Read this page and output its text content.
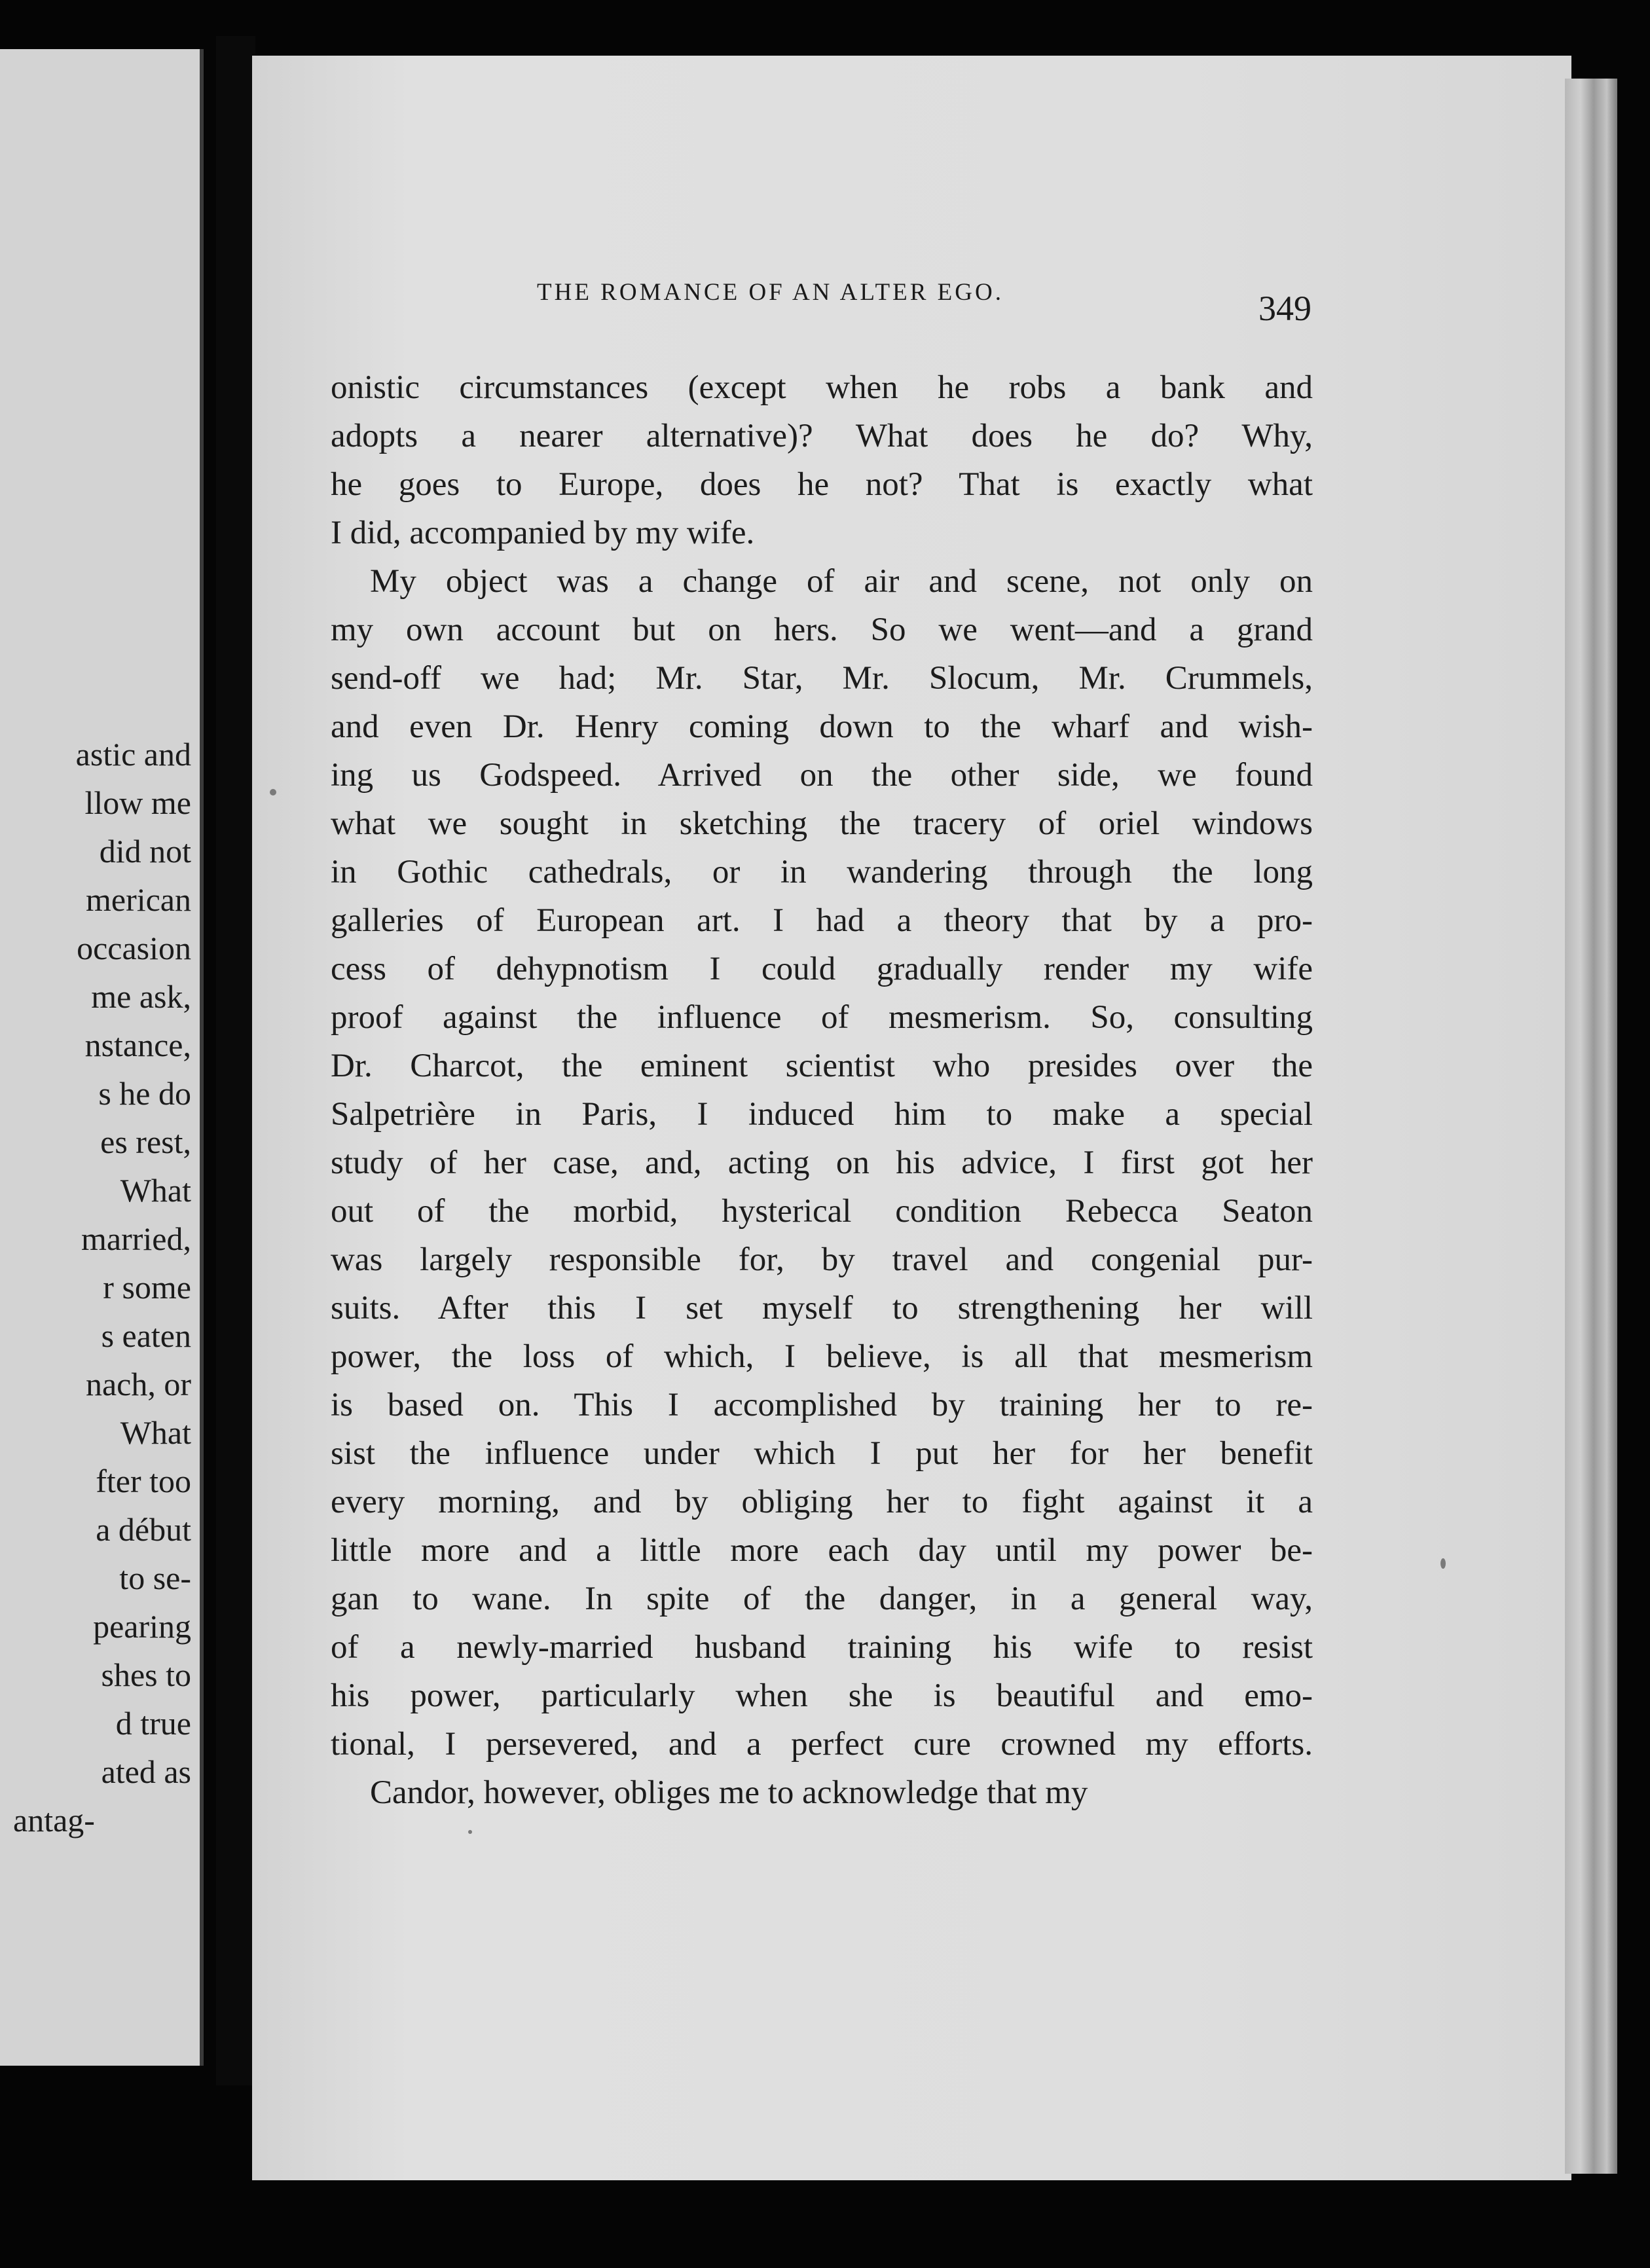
astic and
llow me
did not
merican
occasion
me ask,
nstance,
s he do
es rest,
What
married,
r some
s eaten
nach, or
What
fter too
a début
to se-
pearing
shes to
d true
ated as
antag-
THE ROMANCE OF AN ALTER EGO.	349
onistic circumstances (except when he robs a bank and
adopts a nearer alternative)? What does he do? Why,
he goes to Europe, does he not? That is exactly what
I did, accompanied by my wife.
My object was a change of air and scene, not only on
my own account but on hers. So we went—and a grand
send-off we had; Mr. Star, Mr. Slocum, Mr. Crummels,
and even Dr. Henry coming down to the wharf and wish-
ing us Godspeed. Arrived on the other side, we found
what we sought in sketching the tracery of oriel windows
in Gothic cathedrals, or in wandering through the long
galleries of European art. I had a theory that by a pro-
cess of dehypnotism I could gradually render my wife
proof against the influence of mesmerism. So, consulting
Dr. Charcot, the eminent scientist who presides over the
Salpetrière in Paris, I induced him to make a special
study of her case, and, acting on his advice, I first got her
out of the morbid, hysterical condition Rebecca Seaton
was largely responsible for, by travel and congenial pur-
suits. After this I set myself to strengthening her will
power, the loss of which, I believe, is all that mesmerism
is based on. This I accomplished by training her to re-
sist the influence under which I put her for her benefit
every morning, and by obliging her to fight against it a
little more and a little more each day until my power be-
gan to wane. In spite of the danger, in a general way,
of a newly-married husband training his wife to resist
his power, particularly when she is beautiful and emo-
tional, I persevered, and a perfect cure crowned my efforts.
Candor, however, obliges me to acknowledge that my
